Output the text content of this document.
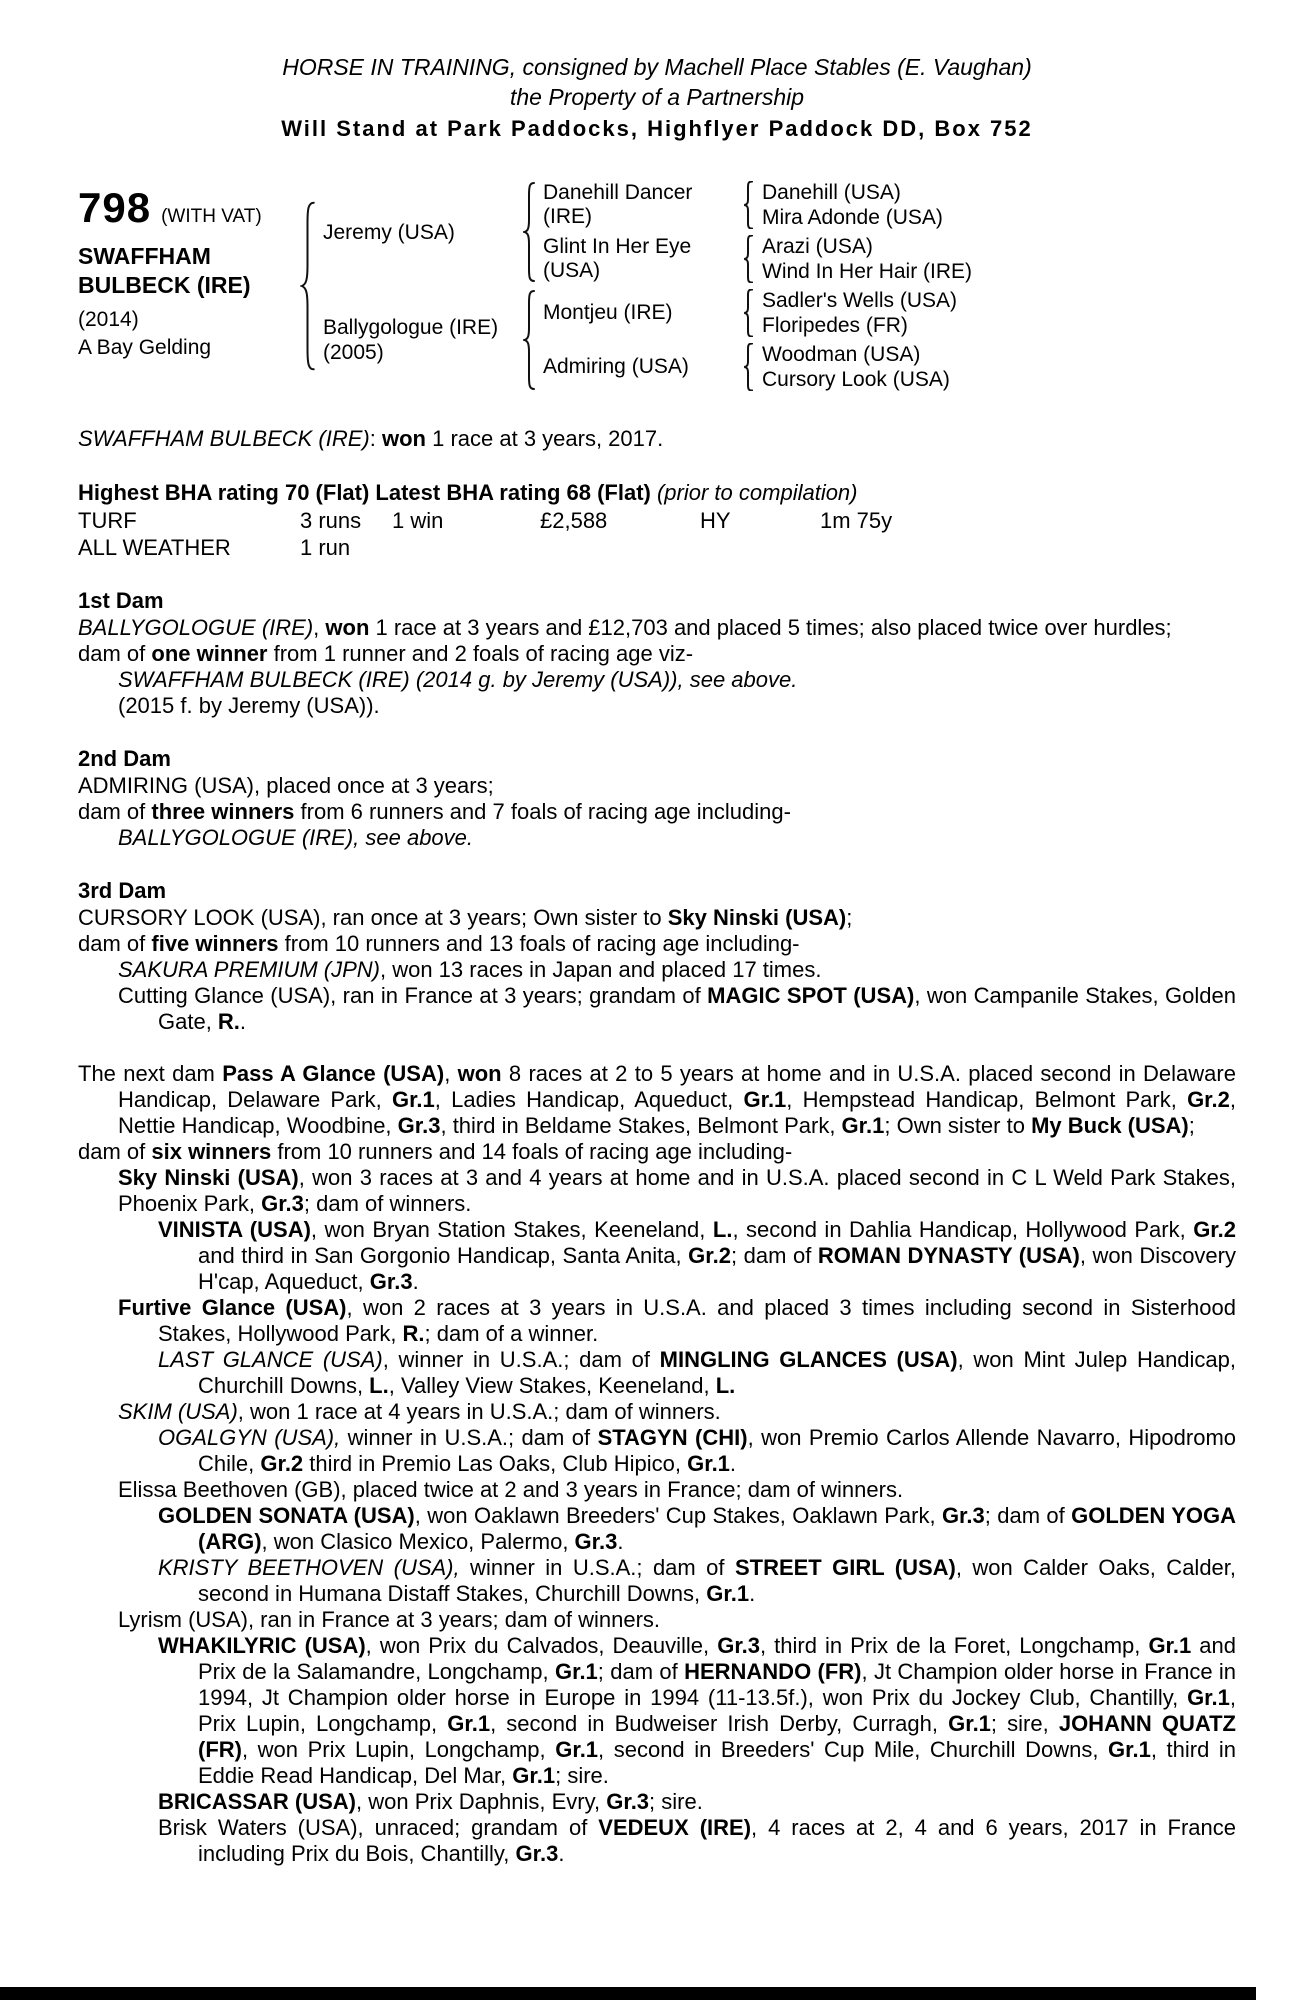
HORSE IN TRAINING, consigned by Machell Place Stables (E. Vaughan)
the Property of a Partnership
Will Stand at Park Paddocks, Highflyer Paddock DD, Box 752
798 (WITH VAT)
SWAFFHAM BULBECK (IRE)
(2014)
A Bay Gelding
Jeremy (USA)
Danehill Dancer (IRE)
Danehill (USA)
Mira Adonde (USA)
Glint In Her Eye (USA)
Arazi (USA)
Wind In Her Hair (IRE)
Ballygologue (IRE) (2005)
Montjeu (IRE)
Sadler's Wells (USA)
Floripedes (FR)
Admiring (USA)
Woodman (USA)
Cursory Look (USA)

SWAFFHAM BULBECK (IRE): won 1 race at 3 years, 2017.

Highest BHA rating 70 (Flat) Latest BHA rating 68 (Flat) (prior to compilation)

TURF	3 runs	1 win	£2,588	HY	1m 75y
ALL WEATHER	1 run

1st Dam

BALLYGOLOGUE (IRE), won 1 race at 3 years and £12,703 and placed 5 times; also placed twice over hurdles;

dam of one winner from 1 runner and 2 foals of racing age viz-

SWAFFHAM BULBECK (IRE) (2014 g. by Jeremy (USA)), see above.

(2015 f. by Jeremy (USA)).

2nd Dam

ADMIRING (USA), placed once at 3 years;

dam of three winners from 6 runners and 7 foals of racing age including-

BALLYGOLOGUE (IRE), see above.

3rd Dam

CURSORY LOOK (USA), ran once at 3 years; Own sister to Sky Ninski (USA);

dam of five winners from 10 runners and 13 foals of racing age including-

SAKURA PREMIUM (JPN), won 13 races in Japan and placed 17 times.

Cutting Glance (USA), ran in France at 3 years; grandam of MAGIC SPOT (USA), won Campanile Stakes, Golden Gate, R..

The next dam Pass A Glance (USA), won 8 races at 2 to 5 years at home and in U.S.A. placed second in Delaware Handicap, Delaware Park, Gr.1, Ladies Handicap, Aqueduct, Gr.1, Hempstead Handicap, Belmont Park, Gr.2, Nettie Handicap, Woodbine, Gr.3, third in Beldame Stakes, Belmont Park, Gr.1; Own sister to My Buck (USA);

dam of six winners from 10 runners and 14 foals of racing age including-

Sky Ninski (USA), won 3 races at 3 and 4 years at home and in U.S.A. placed second in C L Weld Park Stakes, Phoenix Park, Gr.3; dam of winners.

VINISTA (USA), won Bryan Station Stakes, Keeneland, L., second in Dahlia Handicap, Hollywood Park, Gr.2 and third in San Gorgonio Handicap, Santa Anita, Gr.2; dam of ROMAN DYNASTY (USA), won Discovery H'cap, Aqueduct, Gr.3.

Furtive Glance (USA), won 2 races at 3 years in U.S.A. and placed 3 times including second in Sisterhood Stakes, Hollywood Park, R.; dam of a winner.

LAST GLANCE (USA), winner in U.S.A.; dam of MINGLING GLANCES (USA), won Mint Julep Handicap, Churchill Downs, L., Valley View Stakes, Keeneland, L.

SKIM (USA), won 1 race at 4 years in U.S.A.; dam of winners.

OGALGYN (USA), winner in U.S.A.; dam of STAGYN (CHI), won Premio Carlos Allende Navarro, Hipodromo Chile, Gr.2 third in Premio Las Oaks, Club Hipico, Gr.1.

Elissa Beethoven (GB), placed twice at 2 and 3 years in France; dam of winners.

GOLDEN SONATA (USA), won Oaklawn Breeders' Cup Stakes, Oaklawn Park, Gr.3; dam of GOLDEN YOGA (ARG), won Clasico Mexico, Palermo, Gr.3.

KRISTY BEETHOVEN (USA), winner in U.S.A.; dam of STREET GIRL (USA), won Calder Oaks, Calder, second in Humana Distaff Stakes, Churchill Downs, Gr.1.

Lyrism (USA), ran in France at 3 years; dam of winners.

WHAKILYRIC (USA), won Prix du Calvados, Deauville, Gr.3, third in Prix de la Foret, Longchamp, Gr.1 and Prix de la Salamandre, Longchamp, Gr.1; dam of HERNANDO (FR), Jt Champion older horse in France in 1994, Jt Champion older horse in Europe in 1994 (11-13.5f.), won Prix du Jockey Club, Chantilly, Gr.1, Prix Lupin, Longchamp, Gr.1, second in Budweiser Irish Derby, Curragh, Gr.1; sire, JOHANN QUATZ (FR), won Prix Lupin, Longchamp, Gr.1, second in Breeders' Cup Mile, Churchill Downs, Gr.1, third in Eddie Read Handicap, Del Mar, Gr.1; sire.

BRICASSAR (USA), won Prix Daphnis, Evry, Gr.3; sire.

Brisk Waters (USA), unraced; grandam of VEDEUX (IRE), 4 races at 2, 4 and 6 years, 2017 in France including Prix du Bois, Chantilly, Gr.3.
